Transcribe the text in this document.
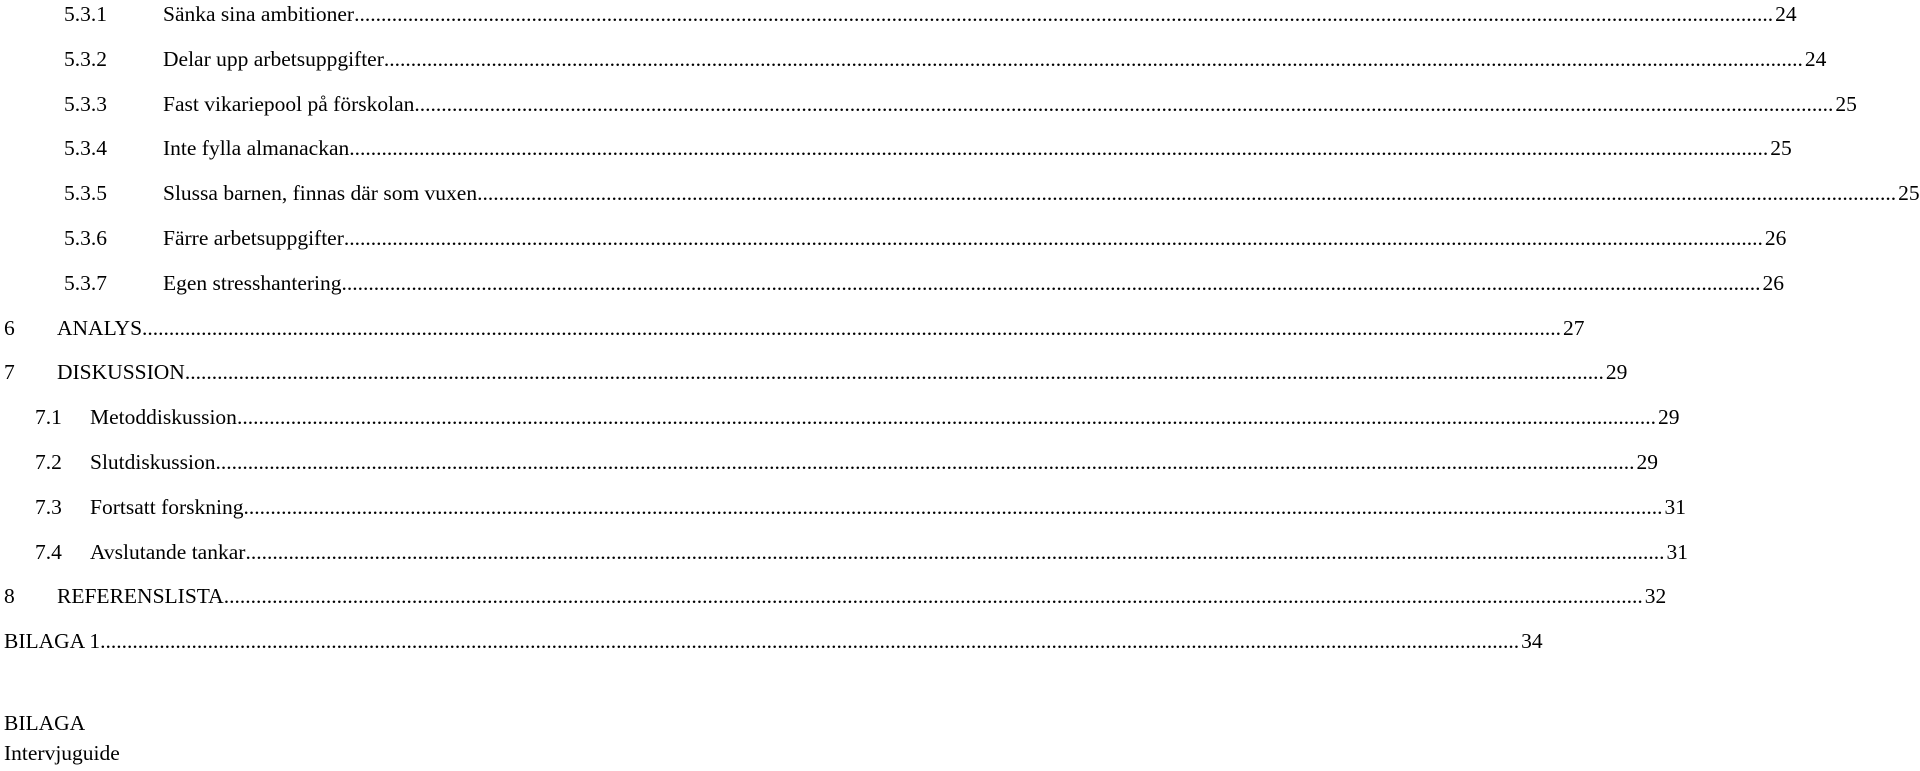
5.3.1	Sänka sina ambitioner .....	24
5.3.2	Delar upp arbetsuppgifter .....	24
5.3.3	Fast vikariepool på förskolan .....	25
5.3.4	Inte fylla almanackan .....	25
5.3.5	Slussa barnen, finnas där som vuxen .....	25
5.3.6	Färre arbetsuppgifter .....	26
5.3.7	Egen stresshantering .....	26
6 ANALYS .....	27
7 DISKUSSION .....	29
7.1 Metoddiskussion .....	29
7.2 Slutdiskussion .....	29
7.3 Fortsatt forskning .....	31
7.4 Avslutande tankar .....	31
8 REFERENSLISTA .....	32
BILAGA 1 .....	34
BILAGA
Intervjuguide
